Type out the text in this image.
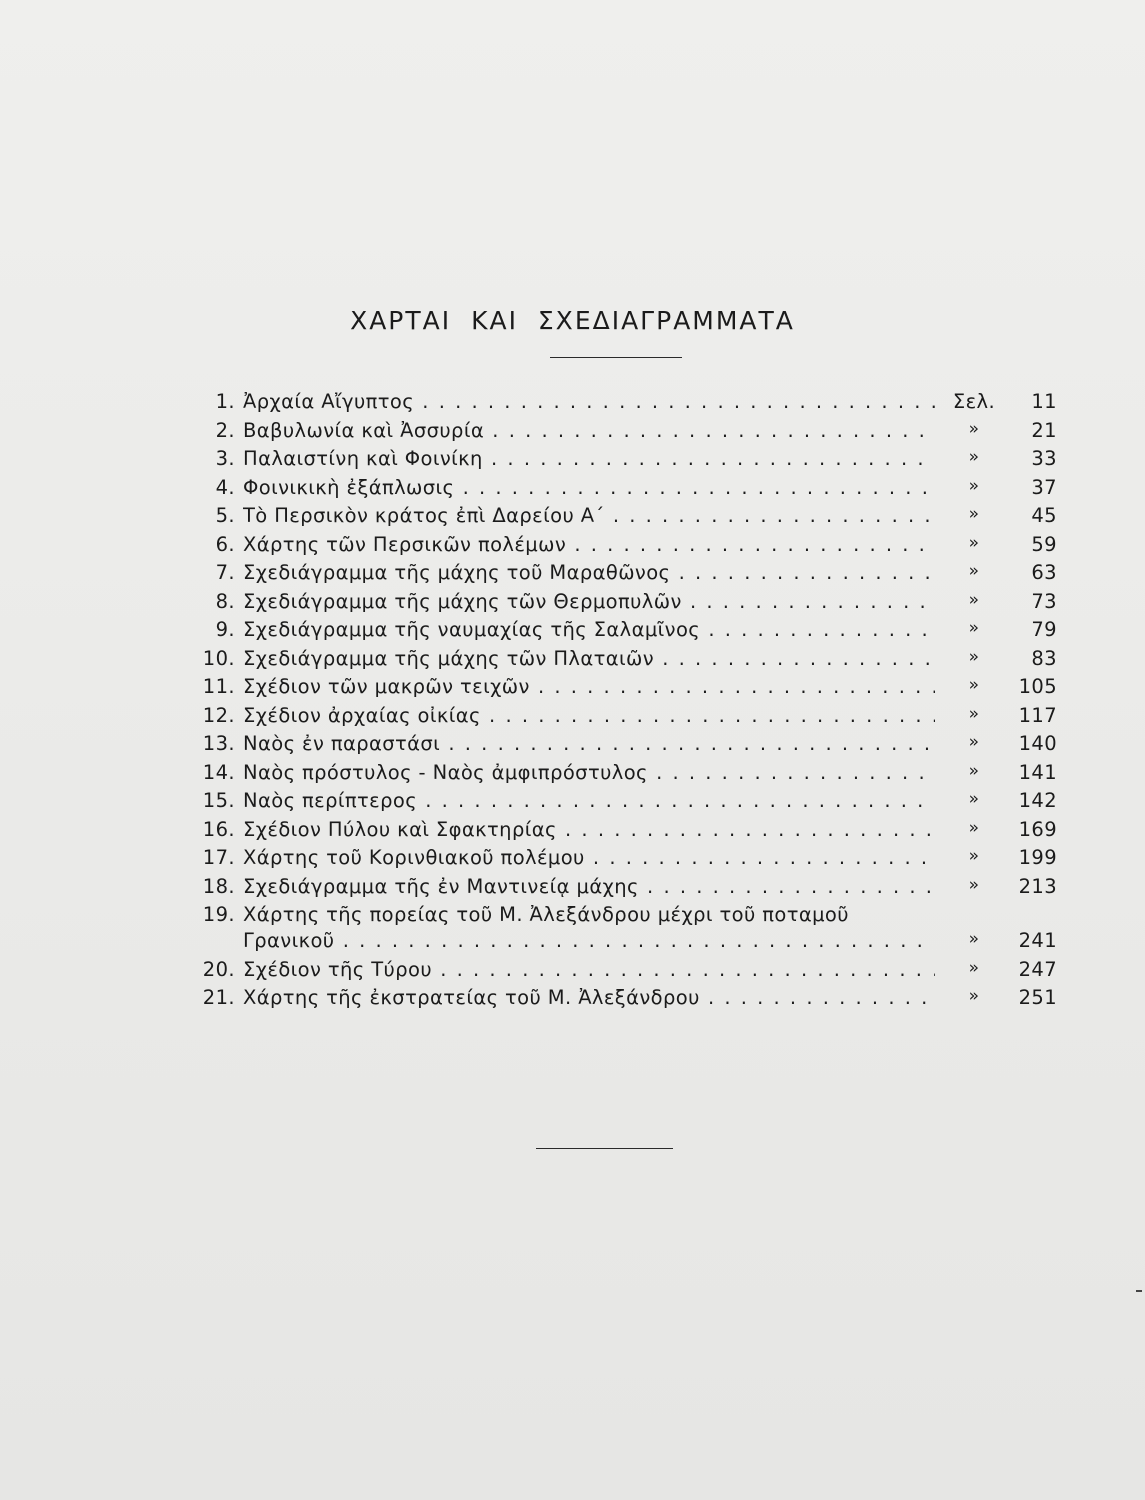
ΧΑΡΤΑΙ ΚΑΙ ΣΧΕΔΙΑΓΡΑΜΜΑΤΑ
1. Ἀρχαία Αἴγυπτος . . .	Σελ.	11
2. Βαβυλωνία καὶ Ἀσσυρία . . .	»	21
3. Παλαιστίνη καὶ Φοινίκη . . .	»	33
4. Φοινικικὴ ἐξάπλωσις . . .	»	37
5. Τὸ Περσικὸν κράτος ἐπὶ Δαρείου Α΄ . . .	»	45
6. Χάρτης τῶν Περσικῶν πολέμων . . .	»	59
7. Σχεδιάγραμμα τῆς μάχης τοῦ Μαραθῶνος . . .	»	63
8. Σχεδιάγραμμα τῆς μάχης τῶν Θερμοπυλῶν . . .	»	73
9. Σχεδιάγραμμα τῆς ναυμαχίας τῆς Σαλαμῖνος . . .	»	79
10. Σχεδιάγραμμα τῆς μάχης τῶν Πλαταιῶν . . .	»	83
11. Σχέδιον τῶν μακρῶν τειχῶν . . .	»	105
12. Σχέδιον ἀρχαίας οἰκίας . . .	»	117
13. Ναὸς ἐν παραστάσι . . .	»	140
14. Ναὸς πρόστυλος - Ναὸς ἀμφιπρόστυλος . . .	»	141
15. Ναὸς περίπτερος . . .	»	142
16. Σχέδιον Πύλου καὶ Σφακτηρίας . . .	»	169
17. Χάρτης τοῦ Κορινθιακοῦ πολέμου . . .	»	199
18. Σχεδιάγραμμα τῆς ἐν Μαντινείᾳ μάχης . . .	»	213
19. Χάρτης τῆς πορείας τοῦ Μ. Ἀλεξάνδρου μέχρι τοῦ ποταμοῦ
Γρανικοῦ . . .	»	241
20. Σχέδιον τῆς Τύρου . . .	»	247
21. Χάρτης τῆς ἐκστρατείας τοῦ Μ. Ἀλεξάνδρου . . .	»	251
